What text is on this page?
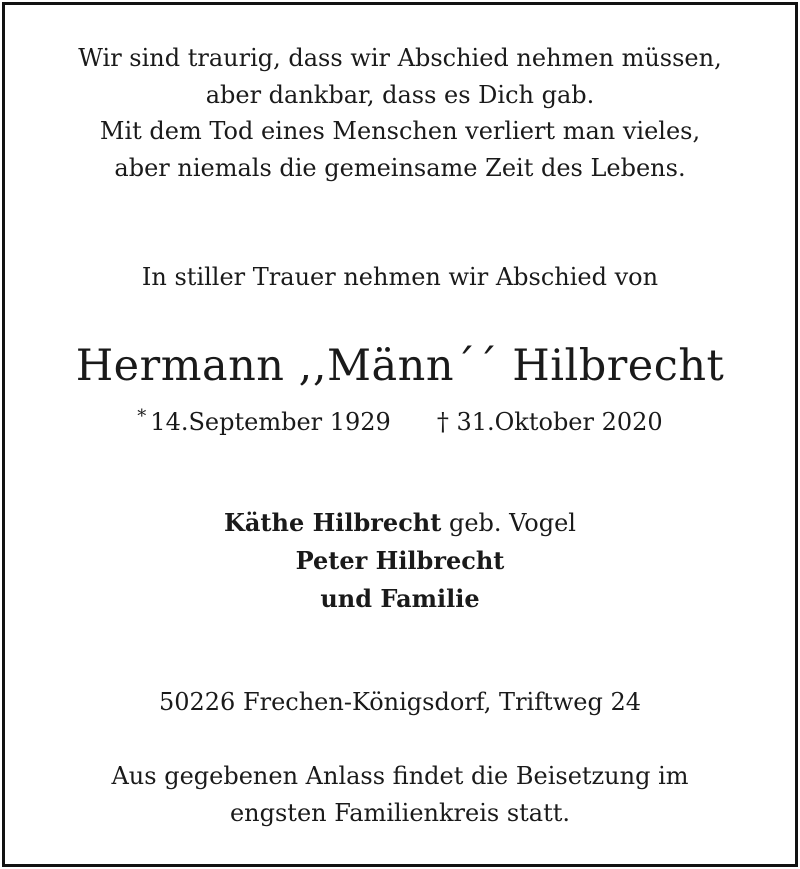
Wir sind traurig, dass wir Abschied nehmen müssen,
aber dankbar, dass es Dich gab.
Mit dem Tod eines Menschen verliert man vieles,
aber niemals die gemeinsame Zeit des Lebens.
In stiller Trauer nehmen wir Abschied von
Hermann ,,Männ´´ Hilbrecht
* 14.September 1929 † 31.Oktober 2020
Käthe Hilbrecht geb. Vogel
Peter Hilbrecht
und Familie
50226 Frechen-Königsdorf, Triftweg 24
Aus gegebenen Anlass findet die Beisetzung im
engsten Familienkreis statt.
